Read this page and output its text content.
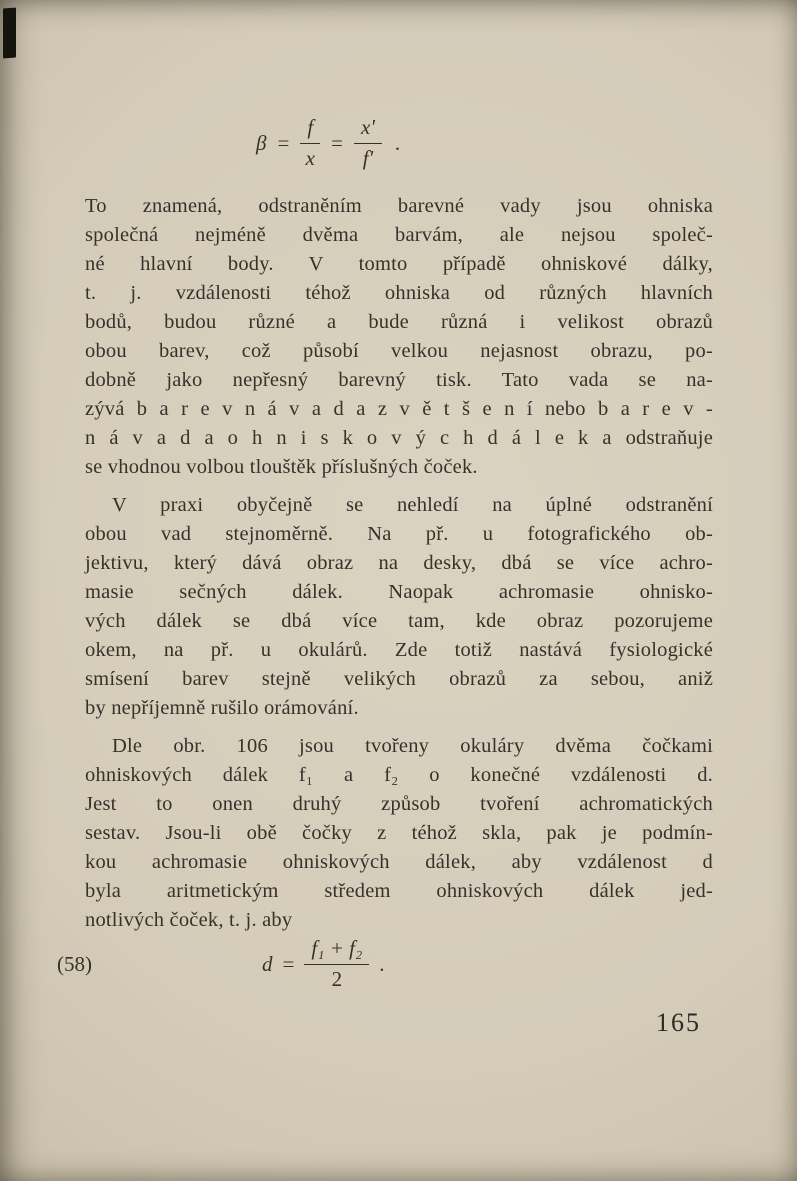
$\beta = \frac{f}{x} = \frac{x'}{f'}$ .
To znamená, odstraněním barevné vady jsou ohniska
společná nejméně dvěma barvám, ale nejsou společ-
né hlavní body. V tomto případě ohniskové dálky,
t. j. vzdálenosti téhož ohniska od různých hlavních
bodů, budou různé a bude různá i velikost obrazů
obou barev, což působí velkou nejasnost obrazu, po-
dobně jako nepřesný barevný tisk. Tato vada se na-
zývá b a r e v n á v a d a z v ě t š e n í nebo b a r e v -
n á v a d a o h n i s k o v ý c h d á l e k a odstraňuje
se vhodnou volbou tlouštěk příslušných čoček.
V praxi obyčejně se nehledí na úplné odstranění
obou vad stejnoměrně. Na př. u fotografického ob-
jektivu, který dává obraz na desky, dbá se více achro-
masie sečných dálek. Naopak achromasie ohnisko-
vých dálek se dbá více tam, kde obraz pozorujeme
okem, na př. u okulárů. Zde totiž nastává fysiologické
smísení barev stejně velikých obrazů za sebou, aniž
by nepříjemně rušilo orámování.
Dle obr. 106 jsou tvořeny okuláry dvěma čočkami
ohniskových dálek f₁ a f₂ o konečné vzdálenosti d.
Jest to onen druhý způsob tvoření achromatických
sestav. Jsou-li obě čočky z téhož skla, pak je podmín-
kou achromasie ohniskových dálek, aby vzdálenost d
byla aritmetickým středem ohniskových dálek jed-
notlivých čoček, t. j. aby
(58)	$d = \frac{\text{f₁ + f₂}}{2}$ .
165
